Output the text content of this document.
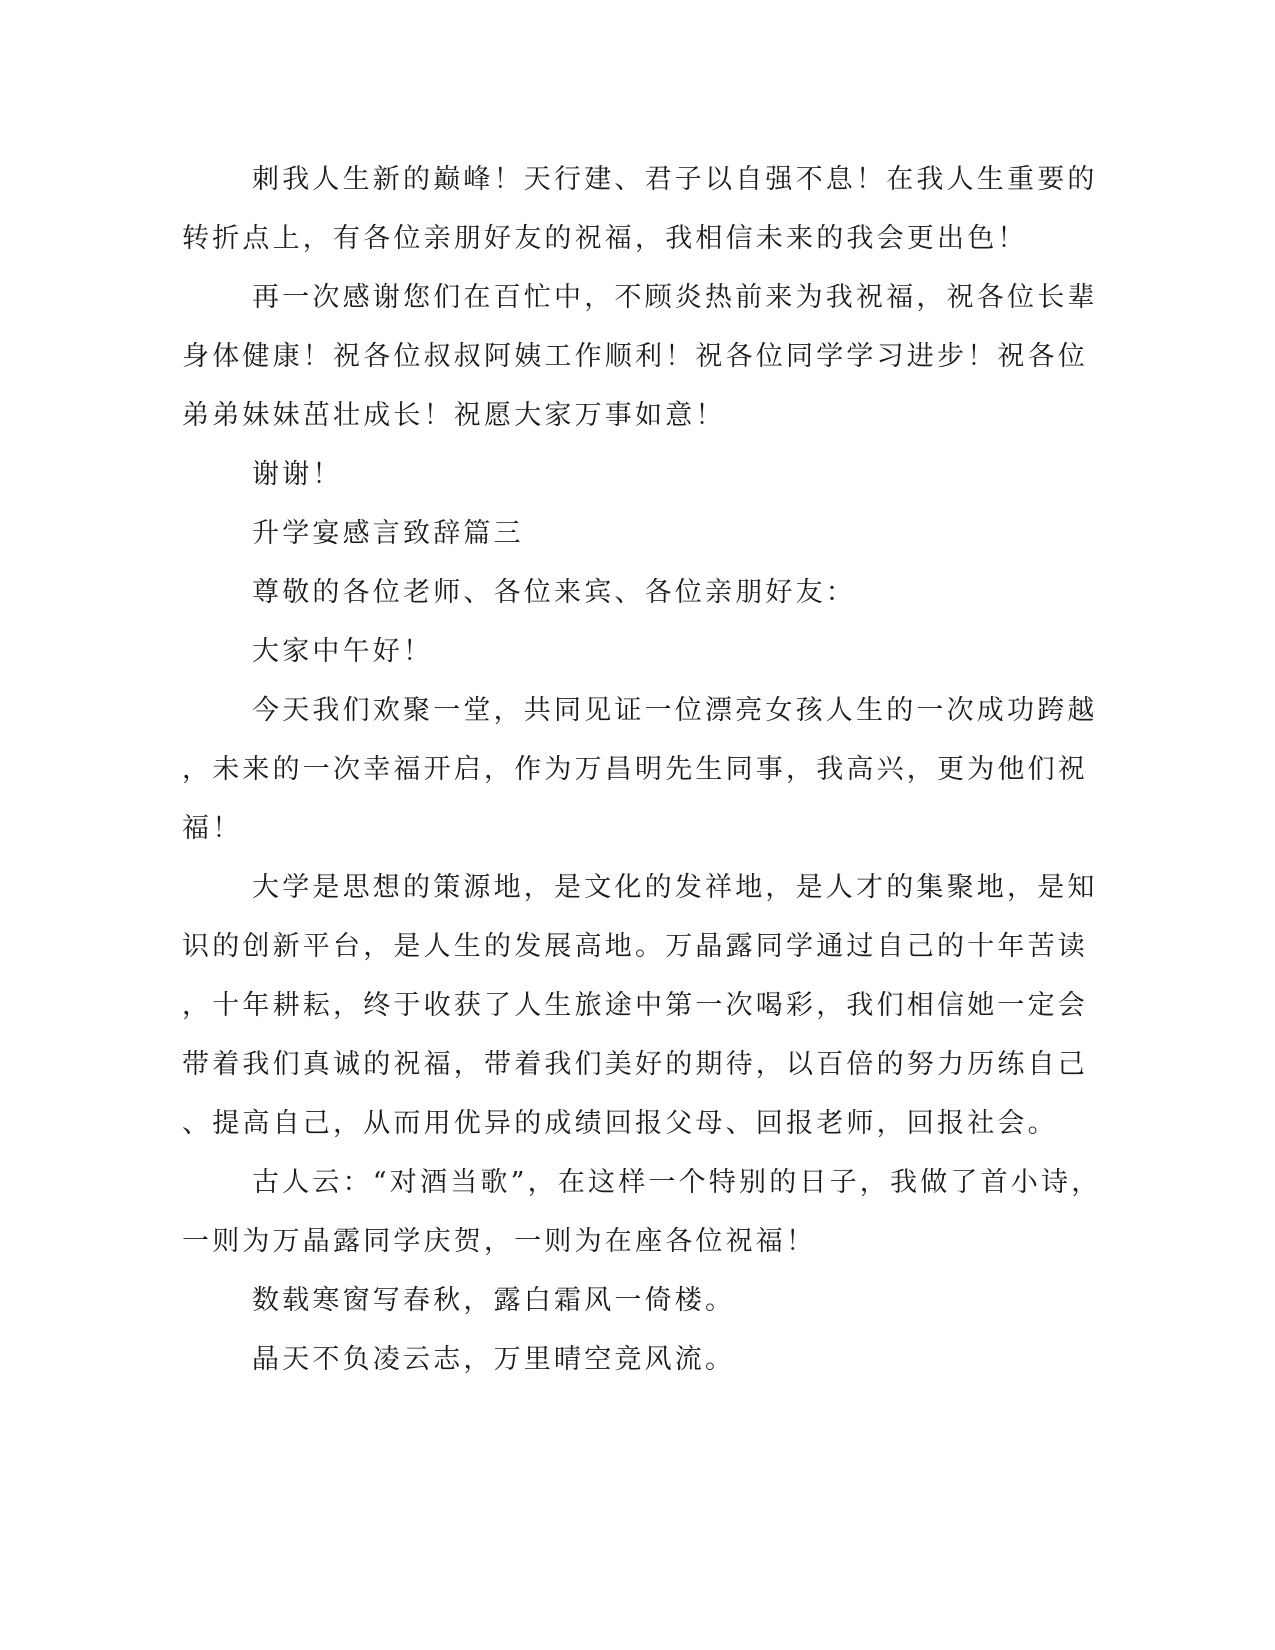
刺我人生新的巅峰！天行建、君子以自强不息！在我人生重要的
转折点上，有各位亲朋好友的祝福，我相信未来的我会更出色！
再一次感谢您们在百忙中，不顾炎热前来为我祝福，祝各位长辈
身体健康！祝各位叔叔阿姨工作顺利！祝各位同学学习进步！祝各位
弟弟妹妹茁壮成长！祝愿大家万事如意！
谢谢！
升学宴感言致辞篇三
尊敬的各位老师、各位来宾、各位亲朋好友：
大家中午好！
今天我们欢聚一堂，共同见证一位漂亮女孩人生的一次成功跨越
，未来的一次幸福开启，作为万昌明先生同事，我高兴，更为他们祝
福！
大学是思想的策源地，是文化的发祥地，是人才的集聚地，是知
识的创新平台，是人生的发展高地。万晶露同学通过自己的十年苦读
，十年耕耘，终于收获了人生旅途中第一次喝彩，我们相信她一定会
带着我们真诚的祝福，带着我们美好的期待，以百倍的努力历练自己
、提高自己，从而用优异的成绩回报父母、回报老师，回报社会。
古人云：“对酒当歌”，在这样一个特别的日子，我做了首小诗，
一则为万晶露同学庆贺，一则为在座各位祝福！
数载寒窗写春秋，露白霜风一倚楼。
晶天不负凌云志，万里晴空竞风流。
